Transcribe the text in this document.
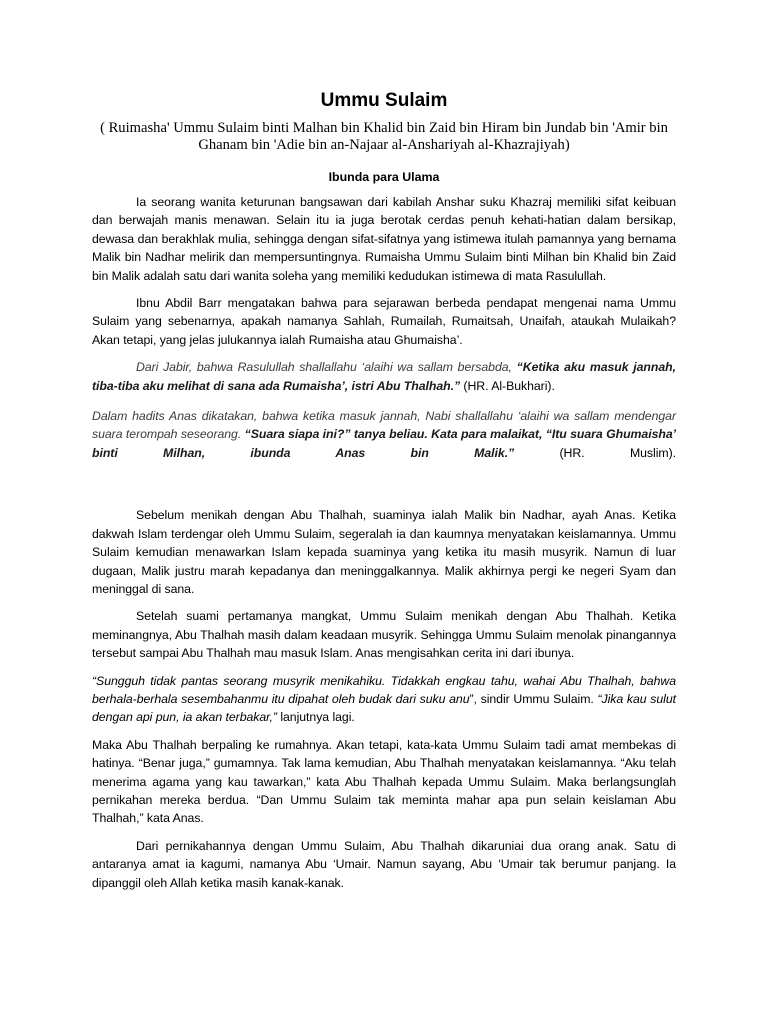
Ummu Sulaim

( Ruimasha' Ummu Sulaim binti Malhan bin Khalid bin Zaid bin Hiram bin Jundab bin 'Amir bin Ghanam bin 'Adie bin an-Najaar al-Anshariyah al-Khazrajiyah)

Ibunda para Ulama

Ia seorang wanita keturunan bangsawan dari kabilah Anshar suku Khazraj memiliki sifat keibuan dan berwajah manis menawan. Selain itu ia juga berotak cerdas penuh kehati-hatian dalam bersikap, dewasa dan berakhlak mulia, sehingga dengan sifat-sifatnya yang istimewa itulah pamannya yang bernama Malik bin Nadhar melirik dan mempersuntingnya. Rumaisha Ummu Sulaim binti Milhan bin Khalid bin Zaid bin Malik adalah satu dari wanita soleha yang memiliki kedudukan istimewa di mata Rasulullah.

Ibnu Abdil Barr mengatakan bahwa para sejarawan berbeda pendapat mengenai nama Ummu Sulaim yang sebenarnya, apakah namanya Sahlah, Rumailah, Rumaitsah, Unaifah, ataukah Mulaikah? Akan tetapi, yang jelas julukannya ialah Rumaisha atau Ghumaisha’.

Dari Jabir, bahwa Rasulullah shallallahu ‘alaihi wa sallam bersabda, “Ketika aku masuk jannah, tiba-tiba aku melihat di sana ada Rumaisha’, istri Abu Thalhah.” (HR. Al-Bukhari).

Dalam hadits Anas dikatakan, bahwa ketika masuk jannah, Nabi shallallahu ‘alaihi wa sallam mendengar suara terompah seseorang. “Suara siapa ini?” tanya beliau. Kata para malaikat, “Itu suara Ghumaisha’ binti Milhan, ibunda Anas bin Malik.” (HR. Muslim).

Sebelum menikah dengan Abu Thalhah, suaminya ialah Malik bin Nadhar, ayah Anas. Ketika dakwah Islam terdengar oleh Ummu Sulaim, segeralah ia dan kaumnya menyatakan keislamannya. Ummu Sulaim kemudian menawarkan Islam kepada suaminya yang ketika itu masih musyrik. Namun di luar dugaan, Malik justru marah kepadanya dan meninggalkannya. Malik akhirnya pergi ke negeri Syam dan meninggal di sana.

Setelah suami pertamanya mangkat, Ummu Sulaim menikah dengan Abu Thalhah. Ketika meminangnya, Abu Thalhah masih dalam keadaan musyrik. Sehingga Ummu Sulaim menolak pinangannya tersebut sampai Abu Thalhah mau masuk Islam. Anas mengisahkan cerita ini dari ibunya.

“Sungguh tidak pantas seorang musyrik menikahiku. Tidakkah engkau tahu, wahai Abu Thalhah, bahwa berhala-berhala sesembahanmu itu dipahat oleh budak dari suku anu”, sindir Ummu Sulaim. “Jika kau sulut dengan api pun, ia akan terbakar,” lanjutnya lagi.

Maka Abu Thalhah berpaling ke rumahnya. Akan tetapi, kata-kata Ummu Sulaim tadi amat membekas di hatinya. “Benar juga,” gumamnya. Tak lama kemudian, Abu Thalhah menyatakan keislamannya. “Aku telah menerima agama yang kau tawarkan,” kata Abu Thalhah kepada Ummu Sulaim. Maka berlangsunglah pernikahan mereka berdua. “Dan Ummu Sulaim tak meminta mahar apa pun selain keislaman Abu Thalhah,” kata Anas.

Dari pernikahannya dengan Ummu Sulaim, Abu Thalhah dikaruniai dua orang anak. Satu di antaranya amat ia kagumi, namanya Abu ‘Umair. Namun sayang, Abu ‘Umair tak berumur panjang. Ia dipanggil oleh Allah ketika masih kanak-kanak.
